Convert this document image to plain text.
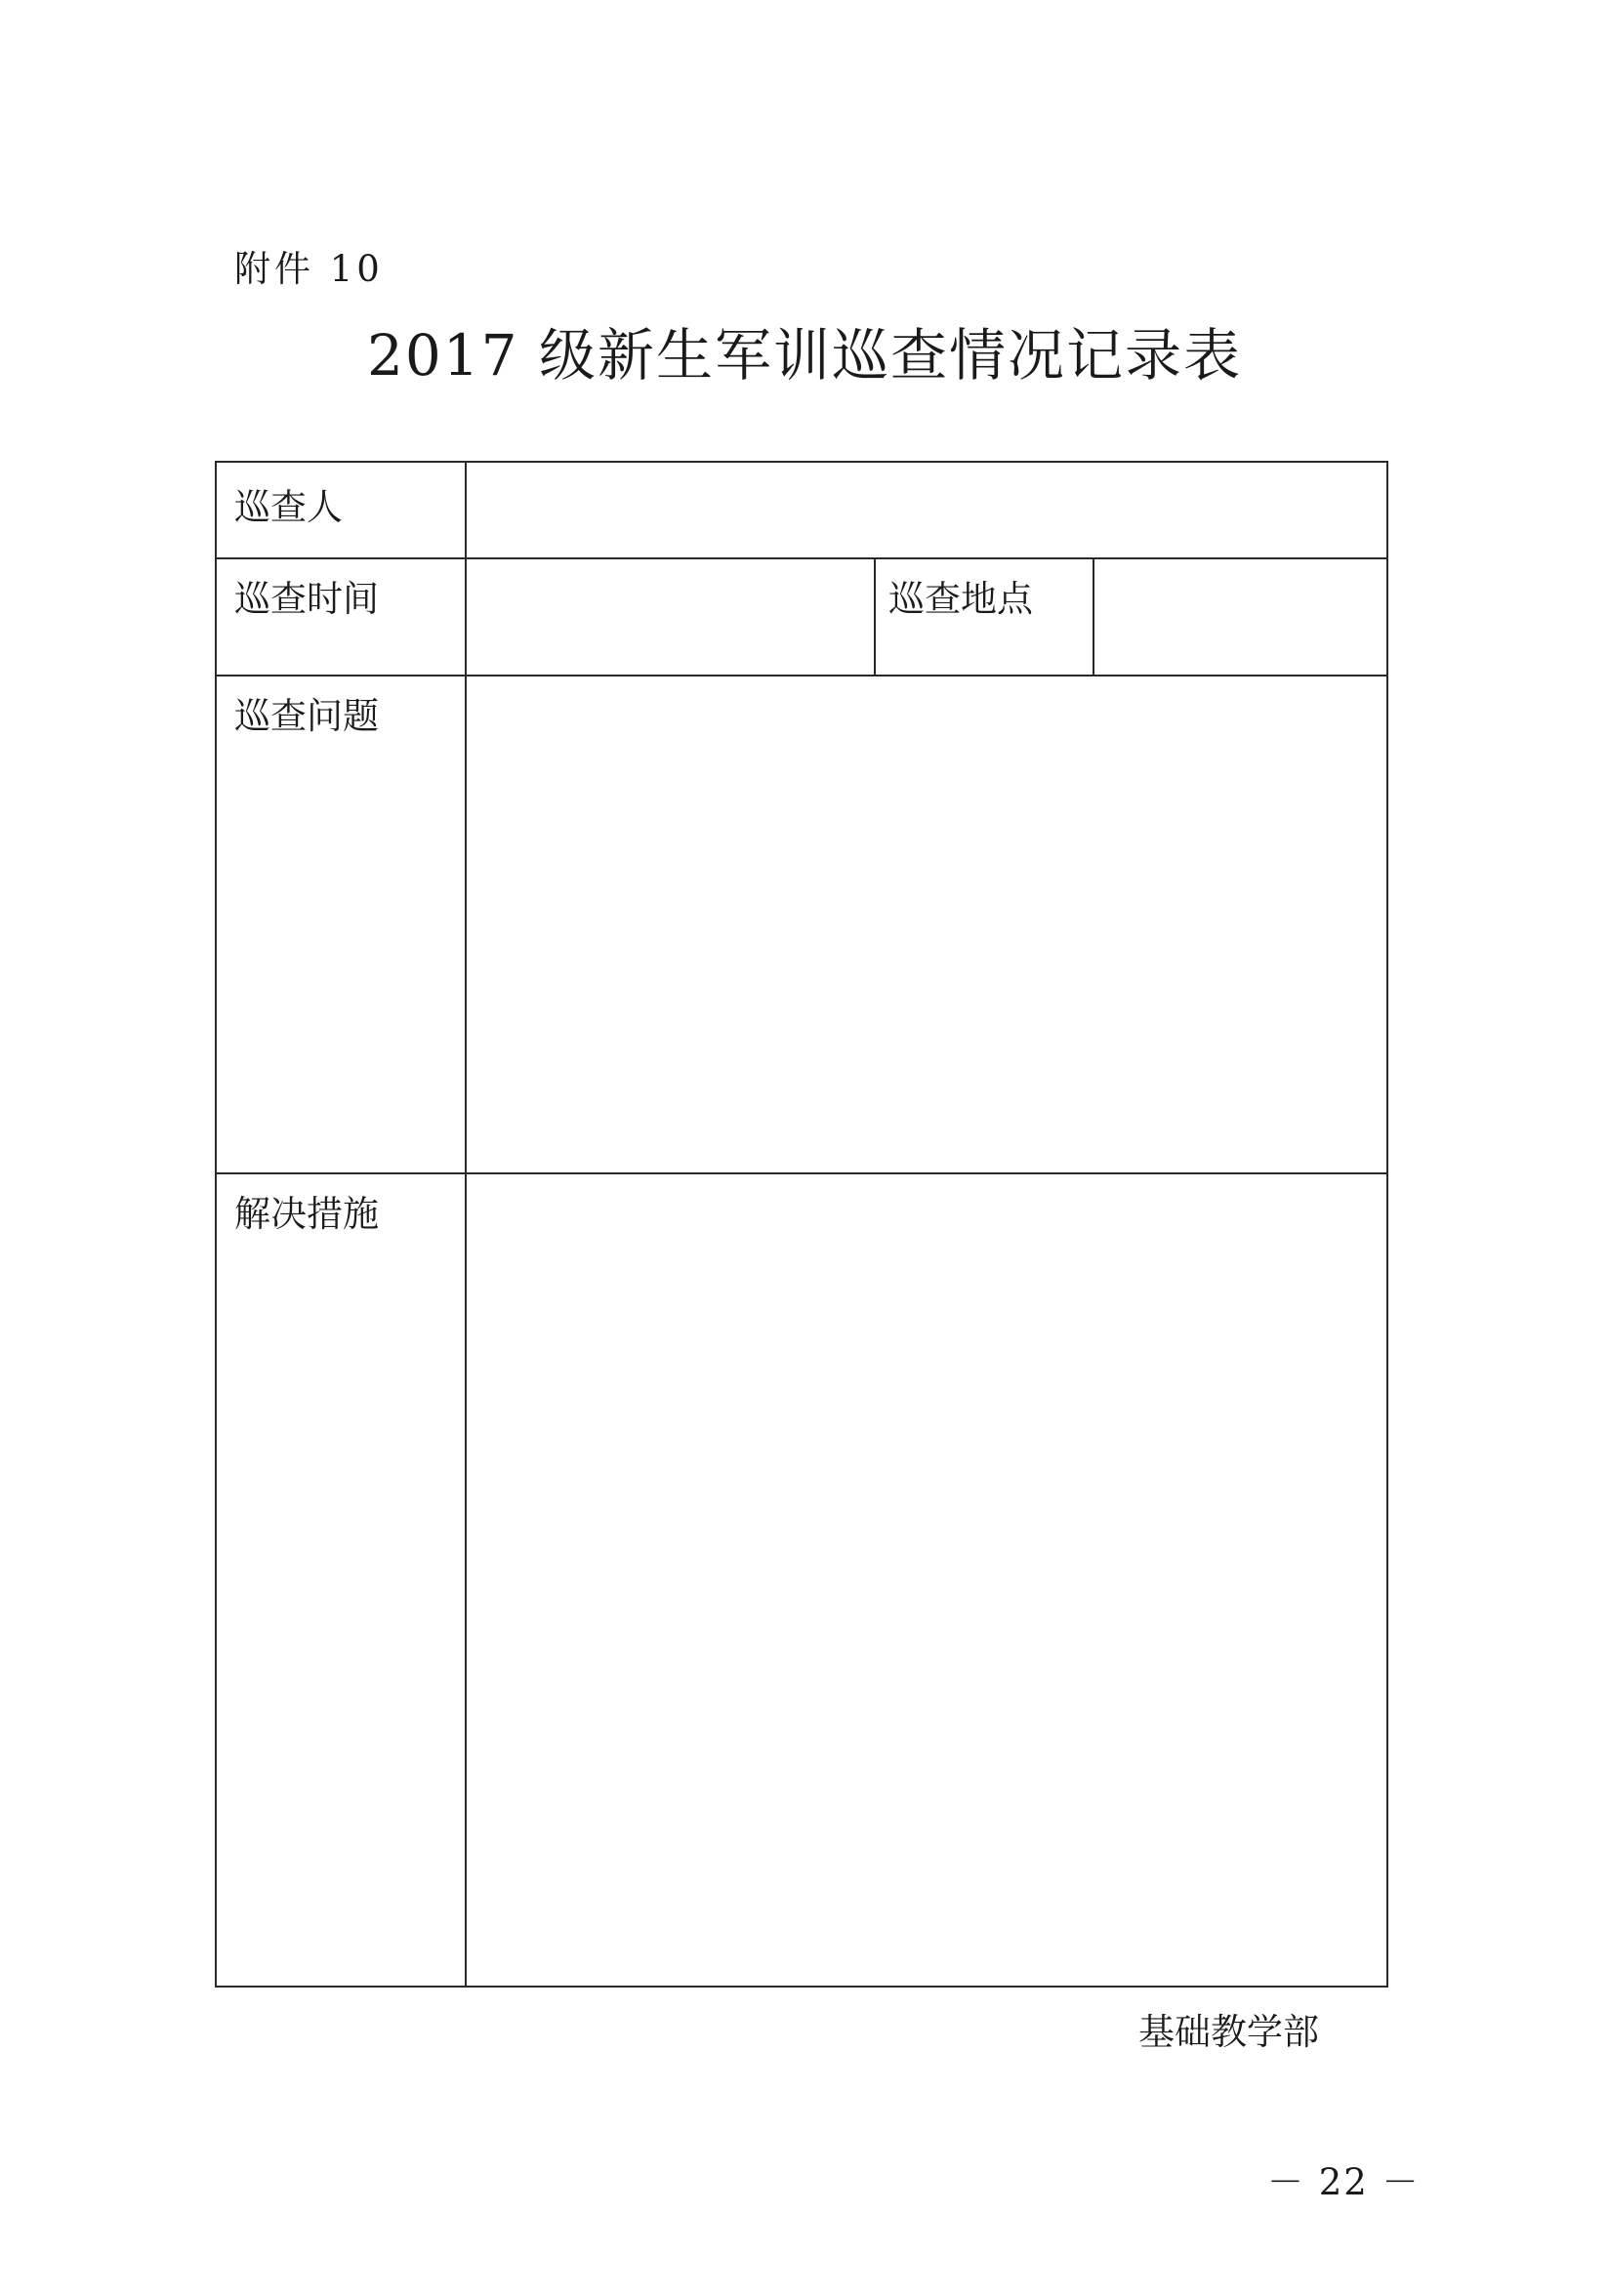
附件 10
2017 级新生军训巡查情况记录表
巡查人
巡查时间	巡查地点
巡查问题
解决措施
基础教学部
－ 22 －
